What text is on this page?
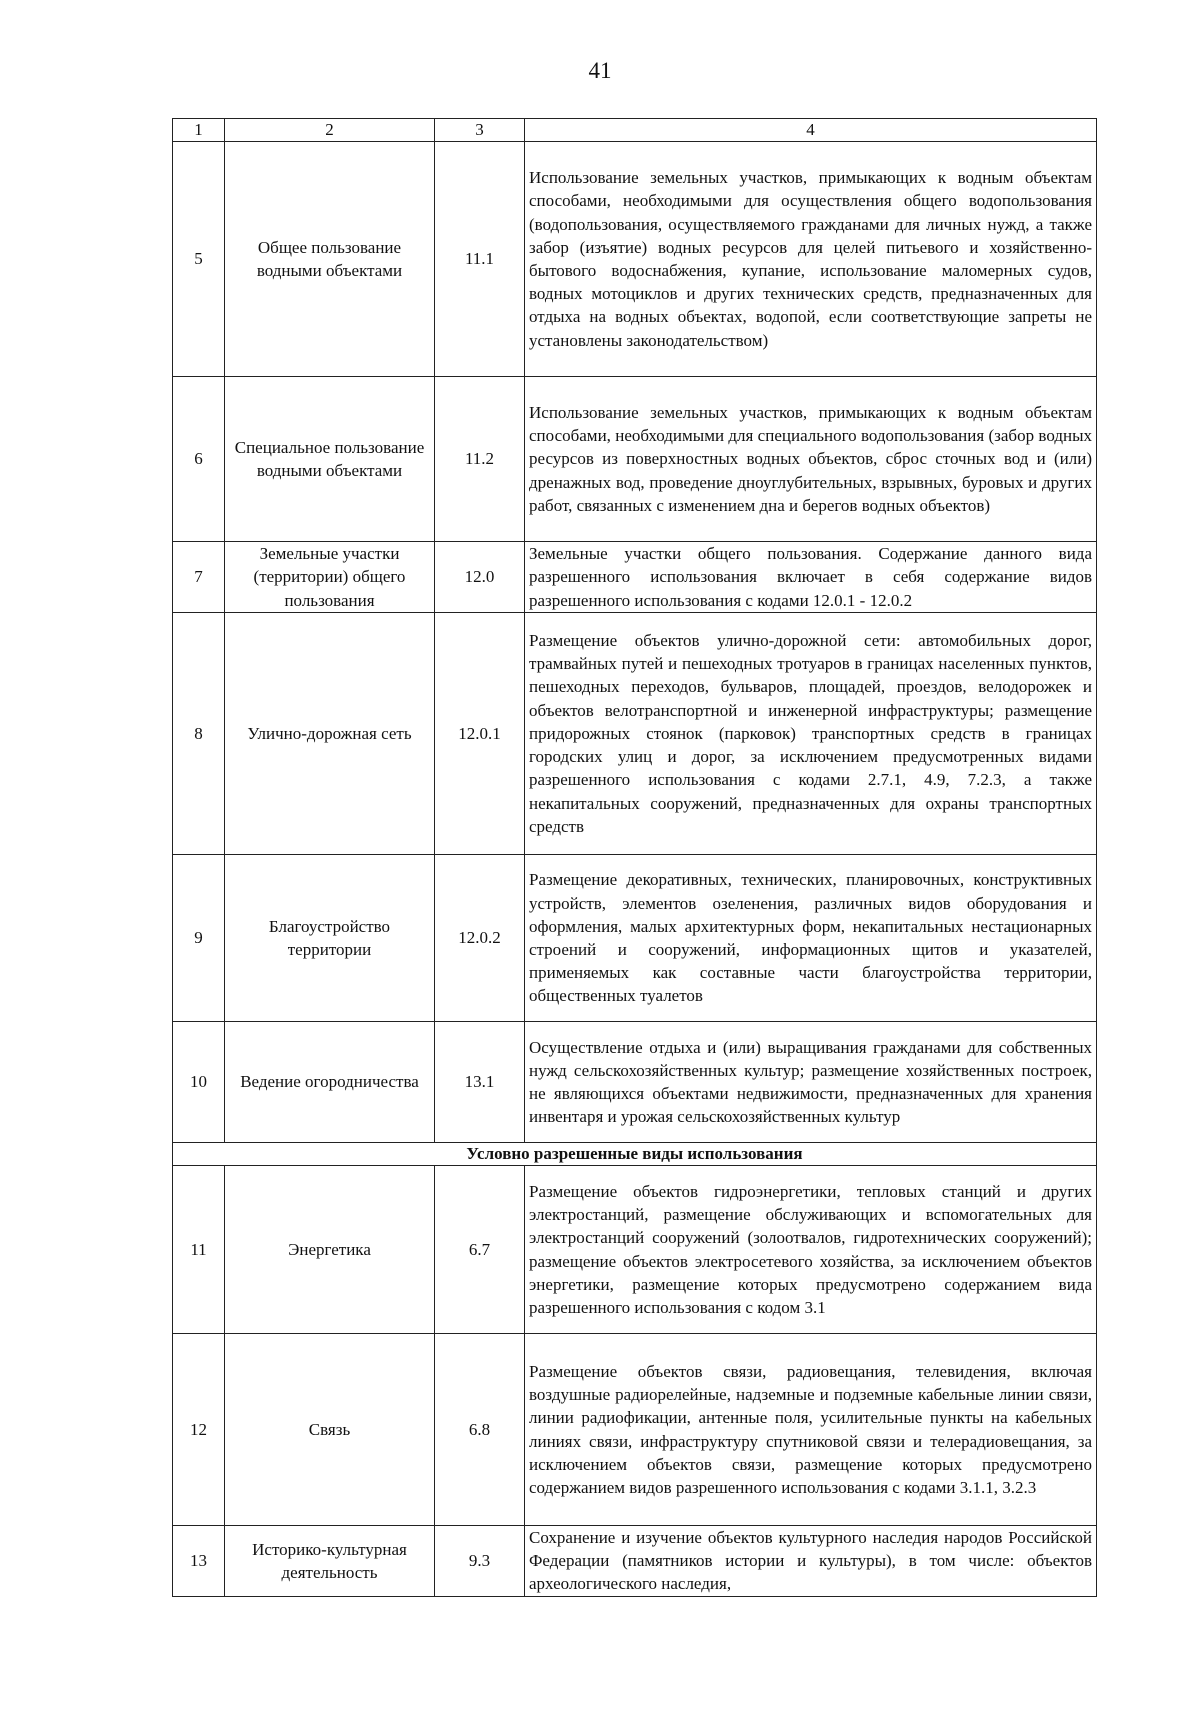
41
1	2	3	4
5	Общее пользование водными объектами	11.1	Использование земельных участков, примыкающих к водным объектам способами, необходимыми для осуществления общего водопользования (водопользования, осуществляемого гражданами для личных нужд, а также забор (изъятие) водных ресурсов для целей питьевого и хозяйственно-бытового водоснабжения, купание, использование маломерных судов, водных мотоциклов и других технических средств, предназначенных для отдыха на водных объектах, водопой, если соответствующие запреты не установлены законодательством)
6	Специальное пользование водными объектами	11.2	Использование земельных участков, примыкающих к водным объектам способами, необходимыми для специального водопользования (забор водных ресурсов из поверхностных водных объектов, сброс сточных вод и (или) дренажных вод, проведение дноуглубительных, взрывных, буровых и других работ, связанных с изменением дна и берегов водных объектов)
7	Земельные участки (территории) общего пользования	12.0	Земельные участки общего пользования. Содержание данного вида разрешенного использования включает в себя содержание видов разрешенного использования с кодами 12.0.1 - 12.0.2
8	Улично-дорожная сеть	12.0.1	Размещение объектов улично-дорожной сети: автомобильных дорог, трамвайных путей и пешеходных тротуаров в границах населенных пунктов, пешеходных переходов, бульваров, площадей, проездов, велодорожек и объектов велотранспортной и инженерной инфраструктуры; размещение придорожных стоянок (парковок) транспортных средств в границах городских улиц и дорог, за исключением предусмотренных видами разрешенного использования с кодами 2.7.1, 4.9, 7.2.3, а также некапитальных сооружений, предназначенных для охраны транспортных средств
9	Благоустройство территории	12.0.2	Размещение декоративных, технических, планировочных, конструктивных устройств, элементов озеленения, различных видов оборудования и оформления, малых архитектурных форм, некапитальных нестационарных строений и сооружений, информационных щитов и указателей, применяемых как составные части благоустройства территории, общественных туалетов
10	Ведение огородничества	13.1	Осуществление отдыха и (или) выращивания гражданами для собственных нужд сельскохозяйственных культур; размещение хозяйственных построек, не являющихся объектами недвижимости, предназначенных для хранения инвентаря и урожая сельскохозяйственных культур
Условно разрешенные виды использования			
11	Энергетика	6.7	Размещение объектов гидроэнергетики, тепловых станций и других электростанций, размещение обслуживающих и вспомогательных для электростанций сооружений (золоотвалов, гидротехнических сооружений); размещение объектов электросетевого хозяйства, за исключением объектов энергетики, размещение которых предусмотрено содержанием вида разрешенного использования с кодом 3.1
12	Связь	6.8	Размещение объектов связи, радиовещания, телевидения, включая воздушные радиорелейные, надземные и подземные кабельные линии связи, линии радиофикации, антенные поля, усилительные пункты на кабельных линиях связи, инфраструктуру спутниковой связи и телерадиовещания, за исключением объектов связи, размещение которых предусмотрено содержанием видов разрешенного использования с кодами 3.1.1, 3.2.3
13	Историко-культурная деятельность	9.3	Сохранение и изучение объектов культурного наследия народов Российской Федерации (памятников истории и культуры), в том числе: объектов археологического наследия,
